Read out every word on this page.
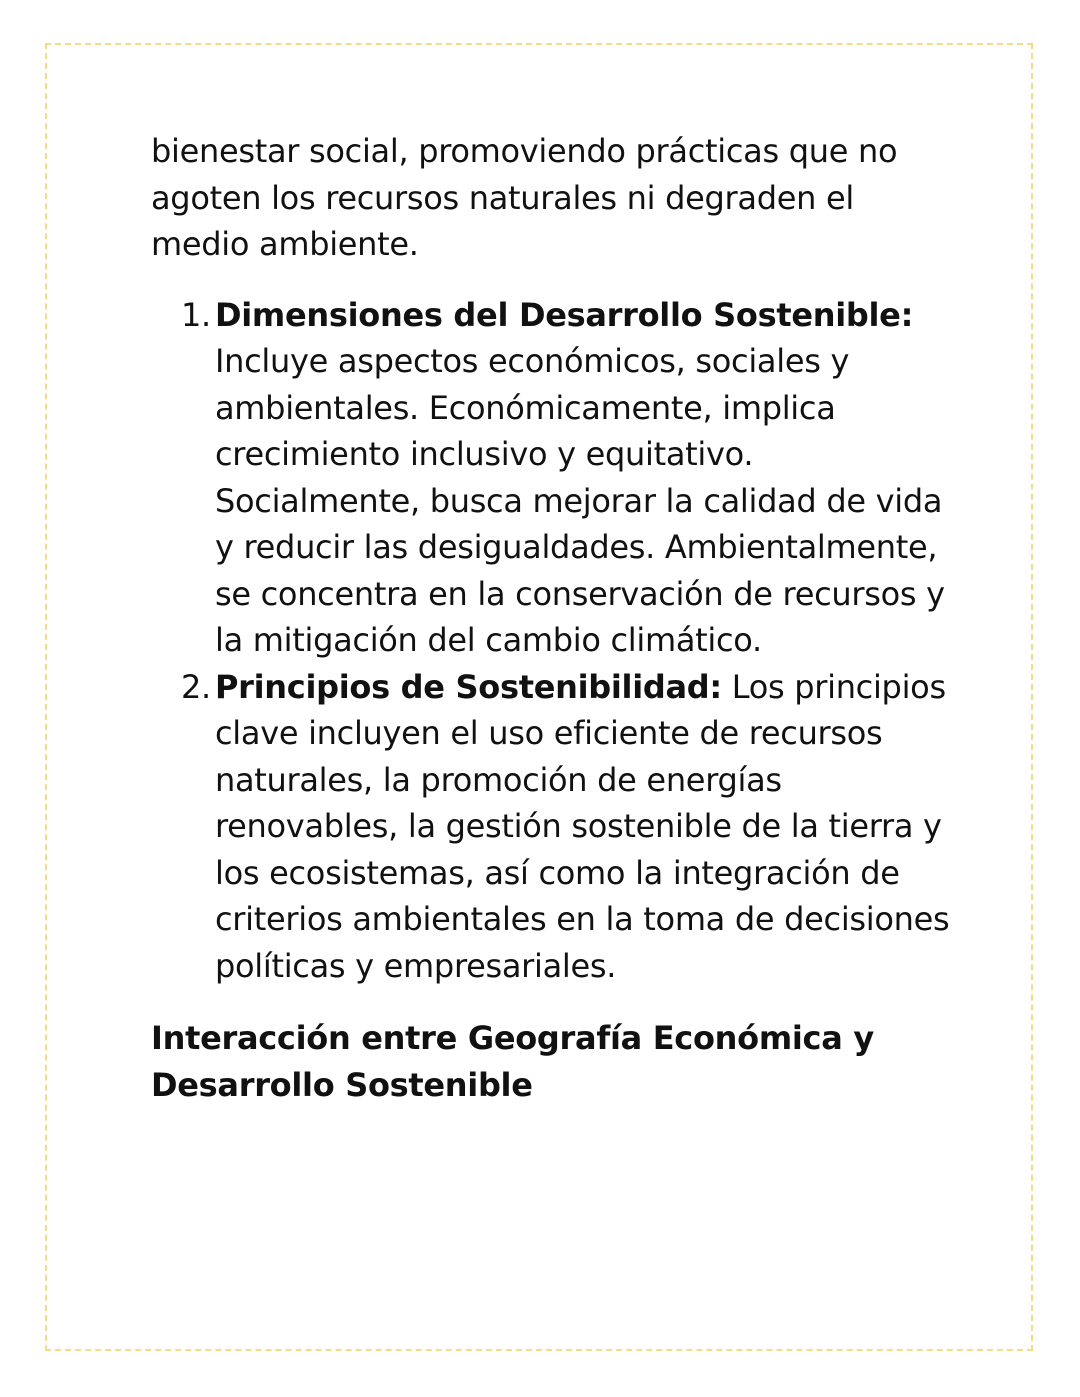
bienestar social, promoviendo prácticas que no agoten los recursos naturales ni degraden el medio ambiente.

1. Dimensiones del Desarrollo Sostenible: Incluye aspectos económicos, sociales y ambientales. Económicamente, implica crecimiento inclusivo y equitativo. Socialmente, busca mejorar la calidad de vida y reducir las desigualdades. Ambientalmente, se concentra en la conservación de recursos y la mitigación del cambio climático.
2. Principios de Sostenibilidad: Los principios clave incluyen el uso eficiente de recursos naturales, la promoción de energías renovables, la gestión sostenible de la tierra y los ecosistemas, así como la integración de criterios ambientales en la toma de decisiones políticas y empresariales.
Interacción entre Geografía Económica y Desarrollo Sostenible
